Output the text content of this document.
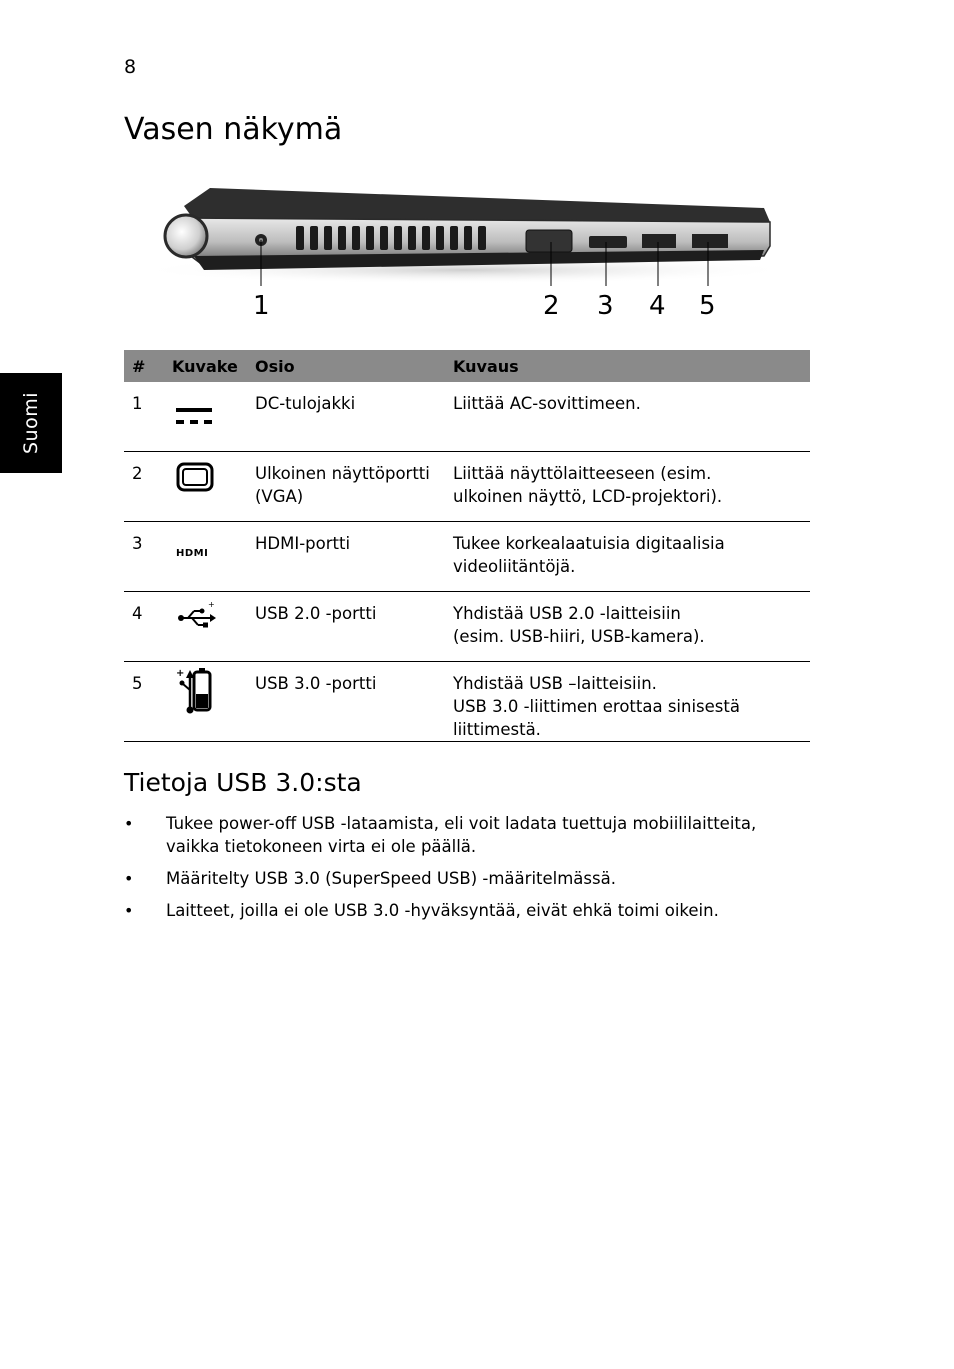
8
Suomi
Vasen näkymä
1	2 3 4 5
#	Kuvake	Osio	Kuvaus
1		DC-tulojakki	Liittää AC-sovittimeen.

2		Ulkoinen näyttöportti (VGA)	Liittää näyttölaitteeseen (esim.
ulkoinen näyttö, LCD-projektori).

3	HDMI	HDMI-portti	Tukee korkealaatuisia digitaalisia
videoliitäntöjä.

4	+	USB 2.0 -portti	Yhdistää USB 2.0 -laitteisiin
(esim. USB-hiiri, USB-kamera).

5	+	USB 3.0 -portti	Yhdistää USB –laitteisiin.
USB 3.0 -liittimen erottaa sinisestä
liittimestä.
Tietoja USB 3.0:sta
• Tukee power-off USB -lataamista, eli voit ladata tuettuja mobiililaitteita, vaikka tietokoneen virta ei ole päällä.
• Määritelty USB 3.0 (SuperSpeed USB) -määritelmässä.
• Laitteet, joilla ei ole USB 3.0 -hyväksyntää, eivät ehkä toimi oikein.
